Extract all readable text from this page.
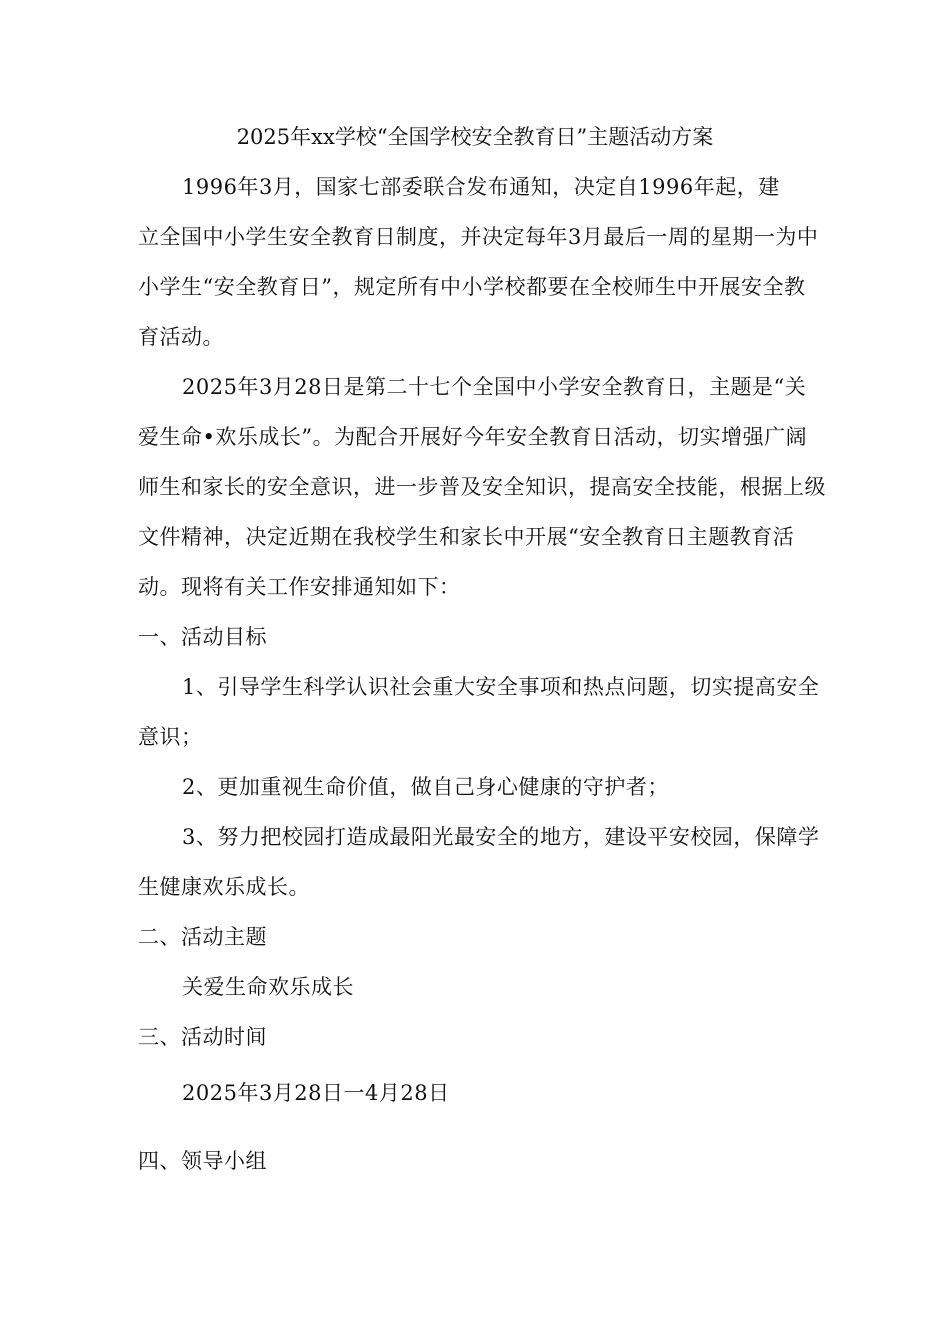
2025年xx学校“全国学校安全教育日”主题活动方案
1996年3月，国家七部委联合发布通知，决定自1996年起，建
立全国中小学生安全教育日制度，并决定每年3月最后一周的星期一为中
小学生“安全教育日”，规定所有中小学校都要在全校师生中开展安全教
育活动。
2025年3月28日是第二十七个全国中小学安全教育日，主题是“关
爱生命•欢乐成长”。为配合开展好今年安全教育日活动，切实增强广阔
师生和家长的安全意识，进一步普及安全知识，提高安全技能，根据上级
文件精神，决定近期在我校学生和家长中开展“安全教育日主题教育活
动。现将有关工作安排通知如下：
一、活动目标
1、引导学生科学认识社会重大安全事项和热点问题，切实提高安全
意识；
2、更加重视生命价值，做自己身心健康的守护者；
3、努力把校园打造成最阳光最安全的地方，建设平安校园，保障学
生健康欢乐成长。
二、活动主题
关爱生命欢乐成长
三、活动时间
2025年3月28日一4月28日
四、领导小组
